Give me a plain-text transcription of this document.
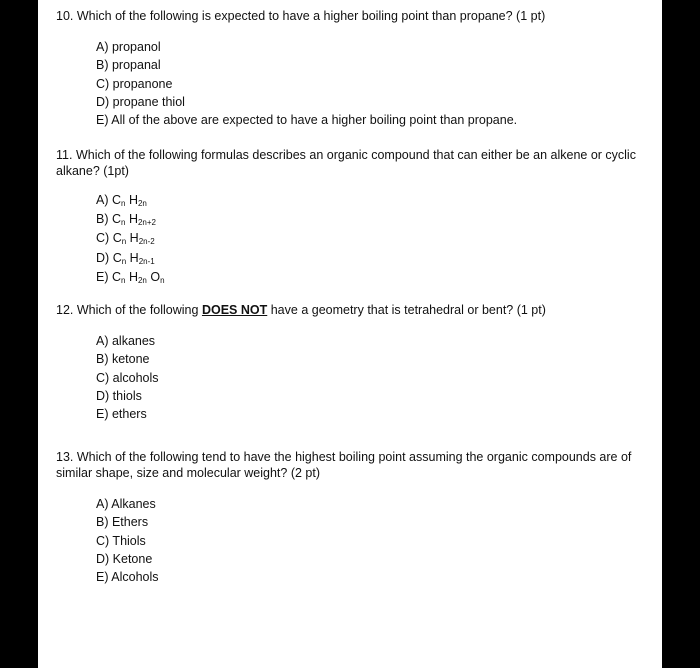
10. Which of the following is expected to have a higher boiling point than propane? (1 pt)
A) propanol
B) propanal
C) propanone
D) propane thiol
E) All of the above are expected to have a higher boiling point than propane.
11. Which of the following formulas describes an organic compound that can either be an alkene or cyclic alkane? (1pt)
A) $C_n$ $H_{2n}$
B) $C_n$ $H_{2n+2}$
C) $C_n$ $H_{2n-2}$
D) $C_n$ $H_{2n-1}$
E) $C_n$ $H_{2n}$ $O_n$
12. Which of the following DOES NOT have a geometry that is tetrahedral or bent? (1 pt)
A) alkanes
B) ketone
C) alcohols
D) thiols
E) ethers
13. Which of the following tend to have the highest boiling point assuming the organic compounds are of similar shape, size and molecular weight? (2 pt)
A) Alkanes
B) Ethers
C) Thiols
D) Ketone
E) Alcohols
